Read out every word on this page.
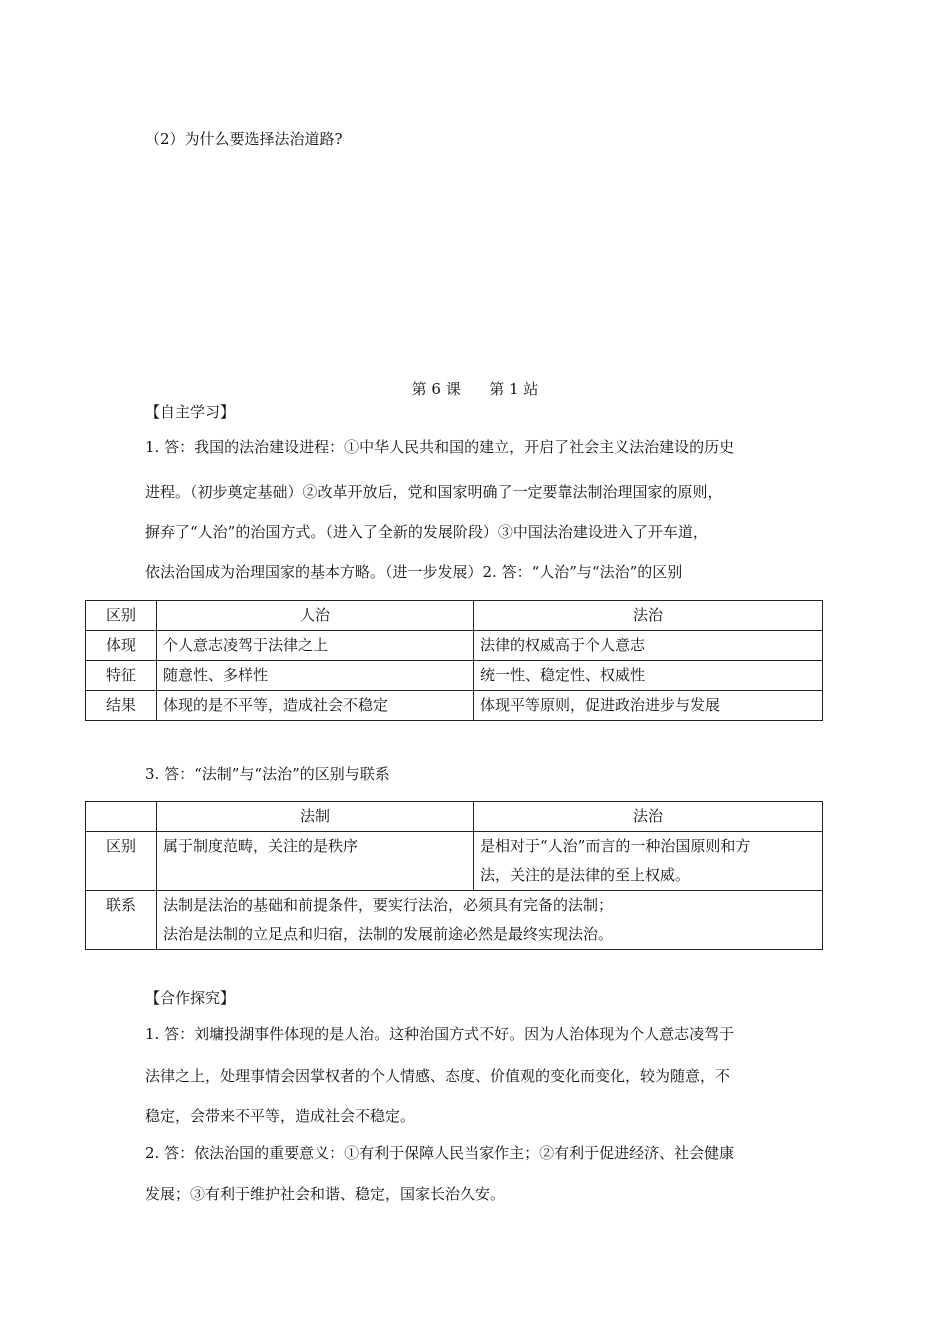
（2）为什么要选择法治道路?
第 6 课      第 1 站
【自主学习】
1. 答：我国的法治建设进程：①中华人民共和国的建立，开启了社会主义法治建设的历史
进程。（初步奠定基础）②改革开放后，党和国家明确了一定要靠法制治理国家的原则，
摒弃了“人治”的治国方式。（进入了全新的发展阶段）③中国法治建设进入了开车道，
依法治国成为治理国家的基本方略。（进一步发展）2. 答：“人治”与“法治”的区别
区别	人治	法治
体现	个人意志凌驾于法律之上	法律的权威高于个人意志
特征	随意性、多样性	统一性、稳定性、权威性
结果	体现的是不平等，造成社会不稳定	体现平等原则，促进政治进步与发展
3. 答：“法制”与“法治”的区别与联系
	法制	法治
区别	属于制度范畴，关注的是秩序	是相对于“人治”而言的一种治国原则和方
法，关注的是法律的至上权威。

联系	法制是法治的基础和前提条件，要实行法治，必须具有完备的法制；
法治是法制的立足点和归宿，法制的发展前途必然是最终实现法治。	
【合作探究】
1. 答：刘墉投湖事件体现的是人治。这种治国方式不好。因为人治体现为个人意志凌驾于
法律之上，处理事情会因掌权者的个人情感、态度、价值观的变化而变化，较为随意，不
稳定，会带来不平等，造成社会不稳定。
2. 答：依法治国的重要意义：①有利于保障人民当家作主；②有利于促进经济、社会健康
发展；③有利于维护社会和谐、稳定，国家长治久安。
